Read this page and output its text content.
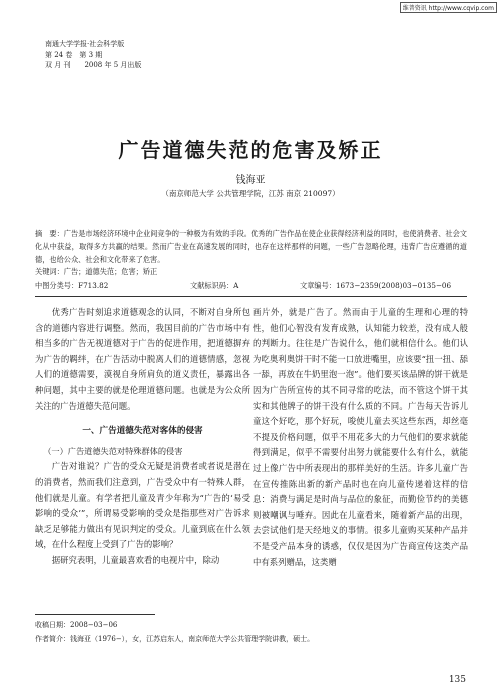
维普资讯 http://www.cqvip.com
南通大学学报·社会科学版
第 24 卷　第 3 期
双 月 刊　　2008 年 5 月出版
广告道德失范的危害及矫正
钱海亚
（南京师范大学 公共管理学院，江苏 南京 210097）
摘　要：广告是市场经济环境中企业间竞争的一种极为有效的手段。优秀的广告作品在使企业获得经济利益的同时，也使消费者、社会文化从中获益，取得多方共赢的结果。然而广告业在高速发展的同时，也存在这样那样的问题，一些广告忽略伦理，违背广告应遵循的道德，也给公众、社会和文化带来了危害。
关键词：广告；道德失范；危害；矫正
中图分类号：F713.82	文献标识码：A	文章编号：1673−2359(2008)03−0135−06

优秀广告时刻追求道德观念的认同，不断对自身所包含的道德内容进行调整。然而，我国目前的广告市场中有相当多的广告无视道德对于广告的促进作用，把道德摒弃为广告的羁绊，在广告活动中脱离人们的道德情感，忽视人们的道德需要，漠视自身所肩负的道义责任，暴露出各种问题，其中主要的就是伦理道德问题。也就是为公众所关注的广告道德失范问题。

一、广告道德失范对客体的侵害

（一）广告道德失范对特殊群体的侵害

广告对谁说？广告的受众无疑是消费者或者说是潜在的消费者，然而我们注意到，广告受众中有一特殊人群，他们就是儿童。有学者把儿童及青少年称为“广告的‘易受影响的受众’”，所谓易受影响的受众是指那些对广告诉求缺乏足够能力做出有见识判定的受众。儿童到底在什么领域，在什么程度上受到了广告的影响？

据研究表明，儿童最喜欢看的电视片中，除动

画片外，就是广告了。然而由于儿童的生理和心理的特性，他们心智没有发育成熟，认知能力较差，没有成人般的判断力。往往是广告说什么，他们就相信什么。他们认为吃奥利奥饼干时不能一口放进嘴里，应该要“扭一扭、舔一舔，再放在牛奶里泡一泡”。他们要买该品牌的饼干就是因为广告所宣传的其不同寻常的吃法，而不管这个饼干其实和其他牌子的饼干没有什么质的不同。广告每天告诉儿童这个好吃，那个好玩，唆使儿童去买这些东西，却丝毫不提及价格问题，似乎不用花多大的力气他们的要求就能得到满足，似乎不需要付出努力就能要什么有什么，就能过上像广告中所表现出的那样美好的生活。许多儿童广告在宣传推陈出新的新产品时也在向儿童传递着这样的信息：消费与满足是时尚与品位的象征，而勤俭节约的美德则被嘲讽与唾弃。因此在儿童看来，随着新产品的出现，去尝试他们是天经地义的事情。很多儿童购买某种产品并不是受产品本身的诱惑，仅仅是因为广告商宣传这类产品中有系列赠品，这类赠

收稿日期：2008−03−06
作者简介：钱海亚（1976−），女，江苏启东人，南京师范大学公共管理学院讲教，硕士。
135
